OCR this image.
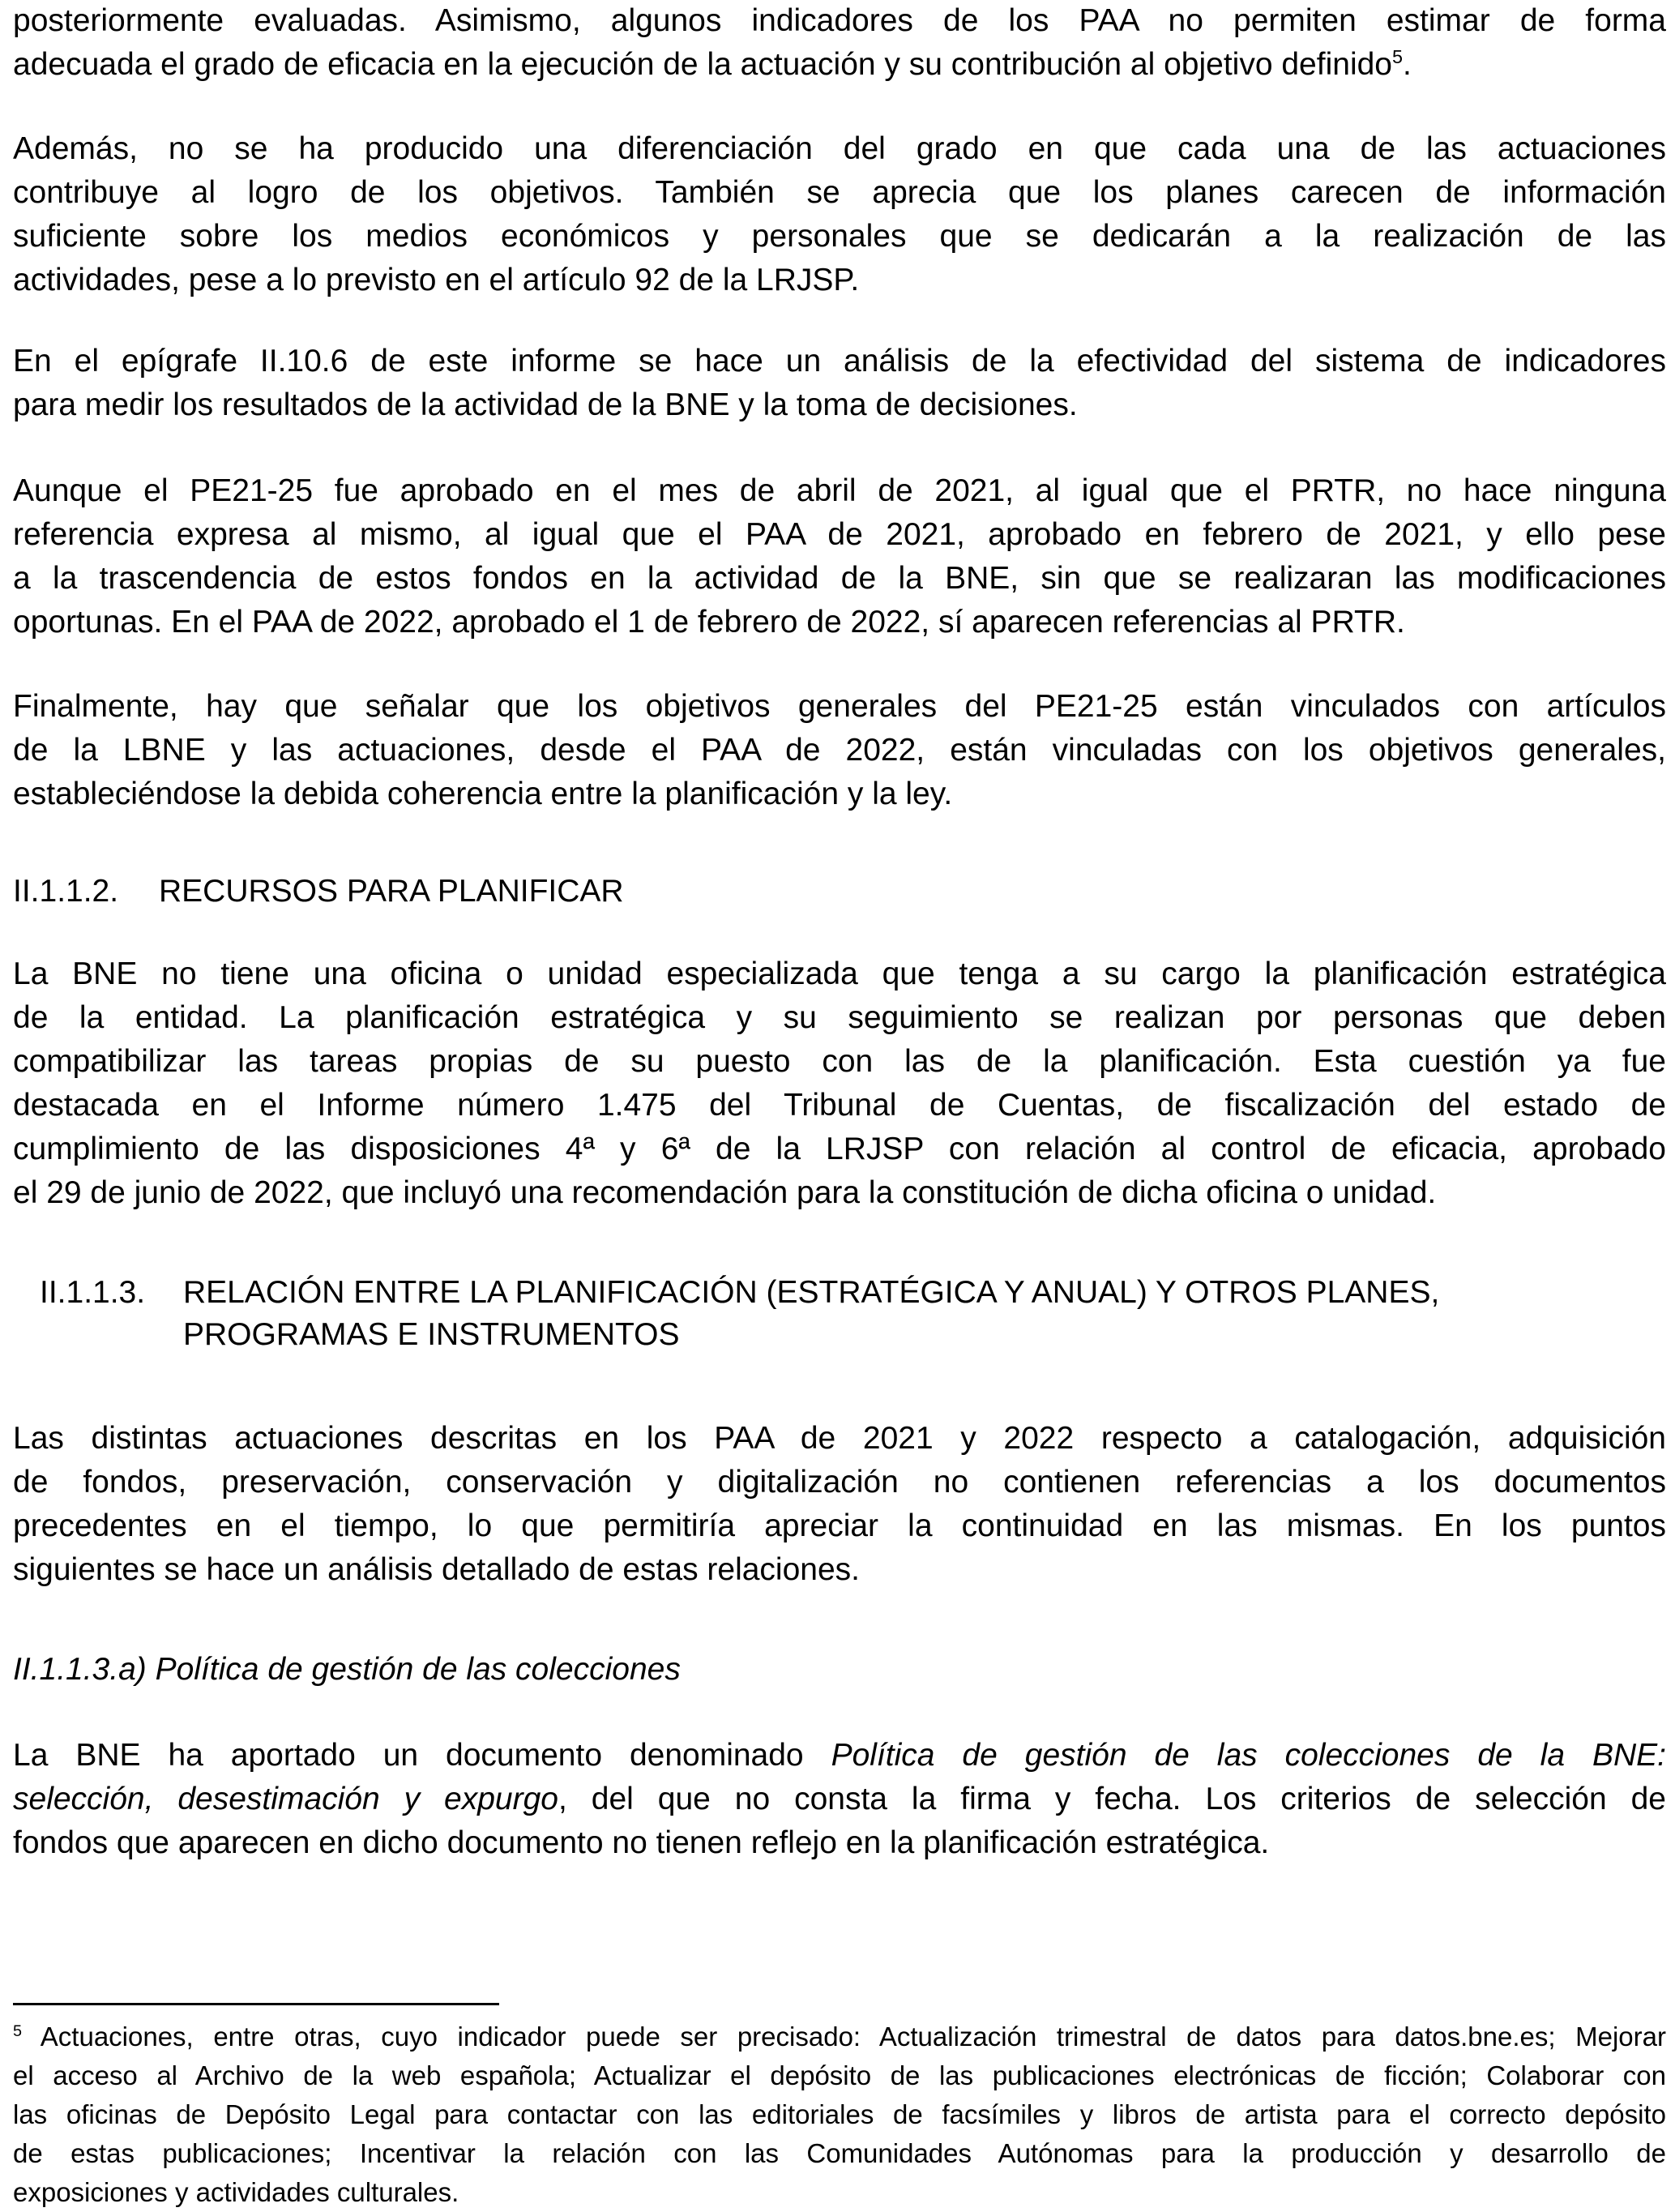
posteriormente evaluadas. Asimismo, algunos indicadores de los PAA no permiten estimar de forma
adecuada el grado de eficacia en la ejecución de la actuación y su contribución al objetivo definido$^5$.
Además, no se ha producido una diferenciación del grado en que cada una de las actuaciones
contribuye al logro de los objetivos. También se aprecia que los planes carecen de información
suficiente sobre los medios económicos y personales que se dedicarán a la realización de las
actividades, pese a lo previsto en el artículo 92 de la LRJSP.
En el epígrafe II.10.6 de este informe se hace un análisis de la efectividad del sistema de indicadores
para medir los resultados de la actividad de la BNE y la toma de decisiones.
Aunque el PE21-25 fue aprobado en el mes de abril de 2021, al igual que el PRTR, no hace ninguna
referencia expresa al mismo, al igual que el PAA de 2021, aprobado en febrero de 2021, y ello pese
a la trascendencia de estos fondos en la actividad de la BNE, sin que se realizaran las modificaciones
oportunas. En el PAA de 2022, aprobado el 1 de febrero de 2022, sí aparecen referencias al PRTR.
Finalmente, hay que señalar que los objetivos generales del PE21-25 están vinculados con artículos
de la LBNE y las actuaciones, desde el PAA de 2022, están vinculadas con los objetivos generales,
estableciéndose la debida coherencia entre la planificación y la ley.
II.1.1.2. RECURSOS PARA PLANIFICAR
La BNE no tiene una oficina o unidad especializada que tenga a su cargo la planificación estratégica
de la entidad. La planificación estratégica y su seguimiento se realizan por personas que deben
compatibilizar las tareas propias de su puesto con las de la planificación. Esta cuestión ya fue
destacada en el Informe número 1.475 del Tribunal de Cuentas, de fiscalización del estado de
cumplimiento de las disposiciones 4ª y 6ª de la LRJSP con relación al control de eficacia, aprobado
el 29 de junio de 2022, que incluyó una recomendación para la constitución de dicha oficina o unidad.
II.1.1.3. RELACIÓN ENTRE LA PLANIFICACIÓN (ESTRATÉGICA Y ANUAL) Y OTROS PLANES,
PROGRAMAS E INSTRUMENTOS
Las distintas actuaciones descritas en los PAA de 2021 y 2022 respecto a catalogación, adquisición
de fondos, preservación, conservación y digitalización no contienen referencias a los documentos
precedentes en el tiempo, lo que permitiría apreciar la continuidad en las mismas. En los puntos
siguientes se hace un análisis detallado de estas relaciones.
II.1.1.3.a) Política de gestión de las colecciones
La BNE ha aportado un documento denominado Política de gestión de las colecciones de la BNE:
selección, desestimación y expurgo, del que no consta la firma y fecha. Los criterios de selección de
fondos que aparecen en dicho documento no tienen reflejo en la planificación estratégica.
$^5$ Actuaciones, entre otras, cuyo indicador puede ser precisado: Actualización trimestral de datos para datos.bne.es; Mejorar
el acceso al Archivo de la web española; Actualizar el depósito de las publicaciones electrónicas de ficción; Colaborar con
las oficinas de Depósito Legal para contactar con las editoriales de facsímiles y libros de artista para el correcto depósito
de estas publicaciones; Incentivar la relación con las Comunidades Autónomas para la producción y desarrollo de
exposiciones y actividades culturales.
